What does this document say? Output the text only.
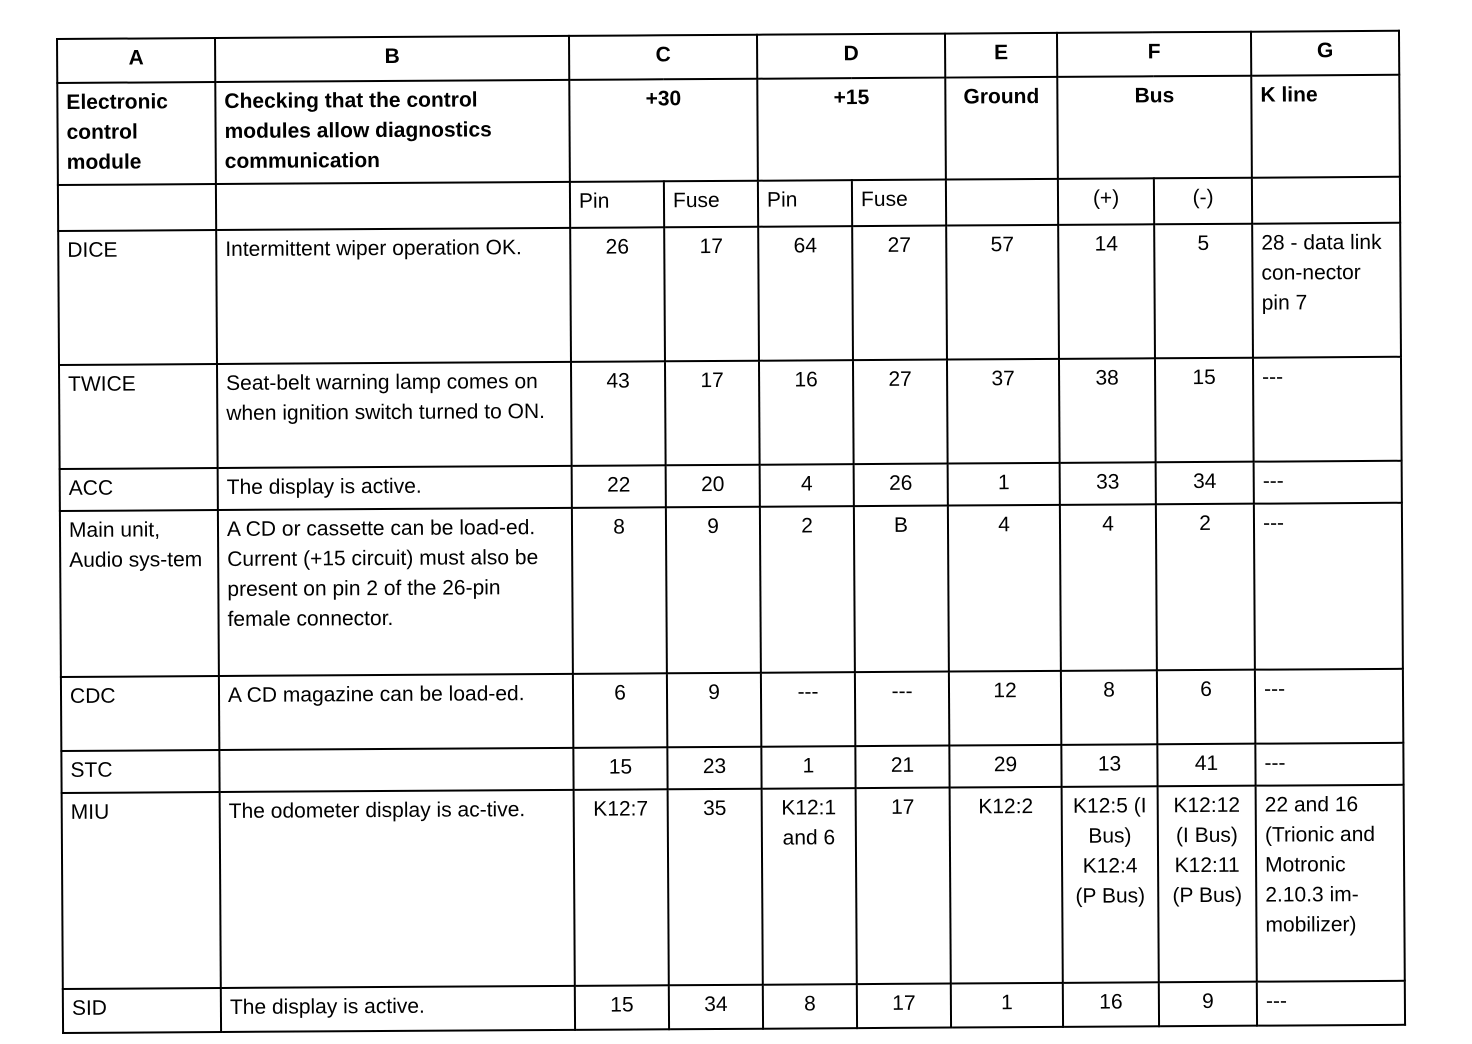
A	B	C		D		E	F		G
Electronic control module	Checking that the control modules allow diagnostics communication	+30		+15		Ground	Bus		K line
		Pin	Fuse	Pin	Fuse		(+)	(-)	
DICE	Intermittent wiper operation OK.	26	17	64	27	57	14	5	28 - data link con-nector pin 7
TWICE	Seat-belt warning lamp comes on when ignition switch turned to ON.	43	17	16	27	37	38	15	---
ACC	The display is active.	22	20	4	26	1	33	34	---
Main unit, Audio sys-tem	A CD or cassette can be load-ed. Current (+15 circuit) must also be present on pin 2 of the 26-pin female connector.	8	9	2	B	4	4	2	---
CDC	A CD magazine can be load-ed.	6	9	---	---	12	8	6	---
STC		15	23	1	21	29	13	41	---
MIU	The odometer display is ac-tive.	K12:7	35	K12:1 and 6	17	K12:2	K12:5 (I Bus) K12:4 (P Bus)	K12:12 (I Bus) K12:11 (P Bus)	22 and 16 (Trionic and Motronic 2.10.3 im-mobilizer)
SID	The display is active.	15	34	8	17	1	16	9	---
